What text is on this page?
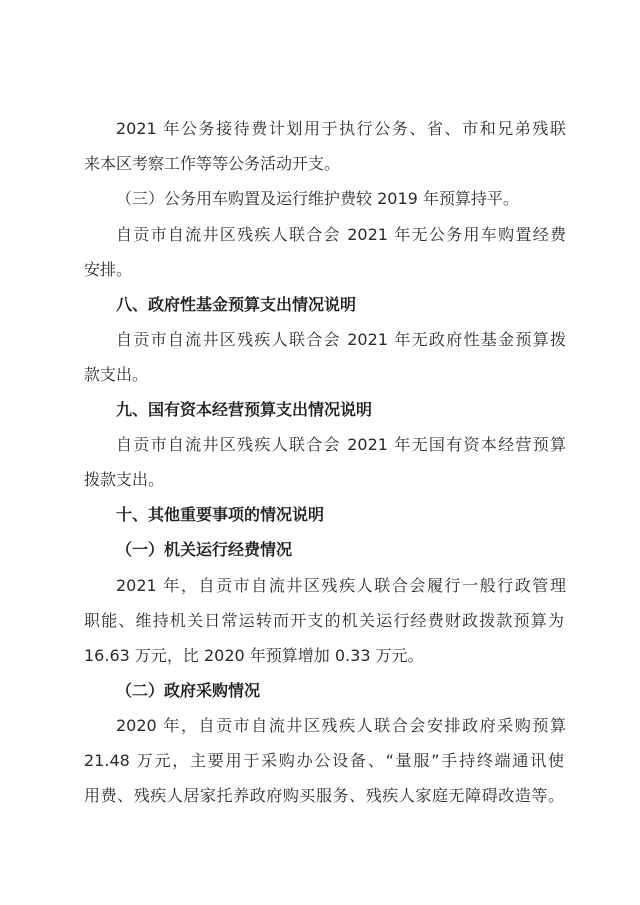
2021 年公务接待费计划用于执行公务、省、市和兄弟残联
来本区考察工作等等公务活动开支。
（三）公务用车购置及运行维护费较 2019 年预算持平。
自贡市自流井区残疾人联合会 2021 年无公务用车购置经费
安排。
八、政府性基金预算支出情况说明
自贡市自流井区残疾人联合会 2021 年无政府性基金预算拨
款支出。
九、国有资本经营预算支出情况说明
自贡市自流井区残疾人联合会 2021 年无国有资本经营预算
拨款支出。
十、其他重要事项的情况说明
（一）机关运行经费情况
2021 年，自贡市自流井区残疾人联合会履行一般行政管理
职能、维持机关日常运转而开支的机关运行经费财政拨款预算为
16.63 万元，比 2020 年预算增加 0.33 万元。
（二）政府采购情况
2020 年，自贡市自流井区残疾人联合会安排政府采购预算
21.48 万元，主要用于采购办公设备、“量服”手持终端通讯使
用费、残疾人居家托养政府购买服务、残疾人家庭无障碍改造等。
